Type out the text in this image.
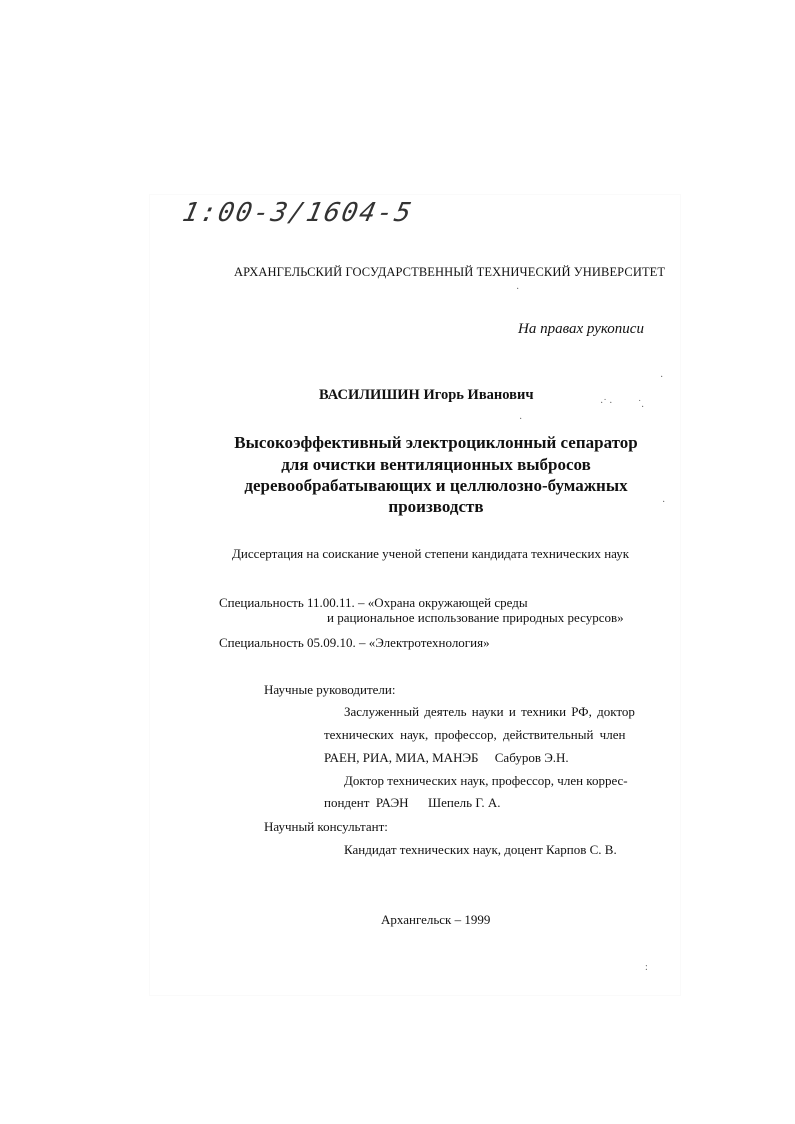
1:00-3/1604-5
АРХАНГЕЛЬСКИЙ ГОСУДАРСТВЕННЫЙ ТЕХНИЧЕСКИЙ УНИВЕРСИТЕТ
На правах рукописи
ВАСИЛИШИН Игорь Иванович
Высокоэффективный электроциклонный сепаратор
для очистки вентиляционных выбросов
деревообрабатывающих и целлюлозно-бумажных
производств
Диссертация на соискание ученой степени кандидата технических наук
Специальность 11.00.11. – «Охрана окружающей среды
и рациональное использование природных ресурсов»
Специальность 05.09.10. – «Электротехнология»
Научные руководители:
Заслуженный деятель науки и техники РФ, доктор
технических наук, профессор, действительный член
РАЕН, РИА, МИА, МАНЭБ     Сабуров Э.Н.
Доктор технических наук, профессор, член коррес-
пондент  РАЭН      Шепель Г. А.
Научный консультант:
Кандидат технических наук, доцент Карпов С. В.
Архангельск – 1999
·
·
·˙ ·	˙.
·
·
:
